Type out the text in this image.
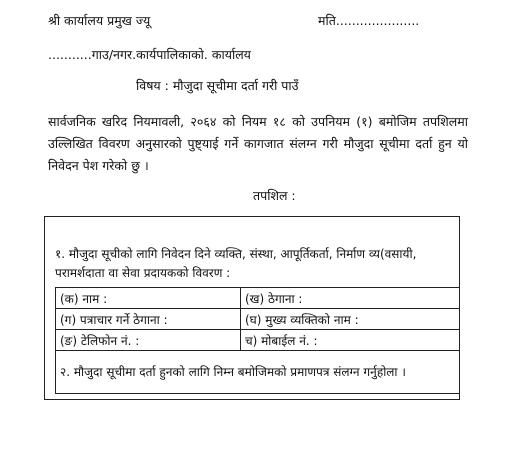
श्री कार्यालय प्रमुख ज्यू	मति.....................
...........गाउ/नगर.कार्यपालिकाको. कार्यालय
विषय : मौजुदा सूचीमा दर्ता गरी पाउँ
सार्वजनिक खरिद नियमावली, २०६४ को नियम १८ को उपनियम (१) बमोजिम तपशिलमा उल्लिखित विवरण अनुसारको पुष्ट्याई गर्ने कागजात संलग्न गरी मौजुदा सूचीमा दर्ता हुन यो निवेदन पेश गरेको छु ।
तपशिल :
१. मौजुदा सूचीको लागि निवेदन दिने व्यक्ति, संस्था, आपूर्तिकर्ता, निर्माण व्य(वसायी, परामर्शदाता वा सेवा प्रदायकको विवरण :
(क) नाम :	(ख) ठेगाना :
(ग) पत्राचार गर्ने ठेगाना :	(घ) मुख्य व्यक्तिको नाम :
(ङ) टेलिफोन नं. :	च) मोबाईल नं. :
२. मौजुदा सूचीमा दर्ता हुनको लागि निम्न बमोजिमको प्रमाणपत्र संलग्न गर्नुहोला ।	
